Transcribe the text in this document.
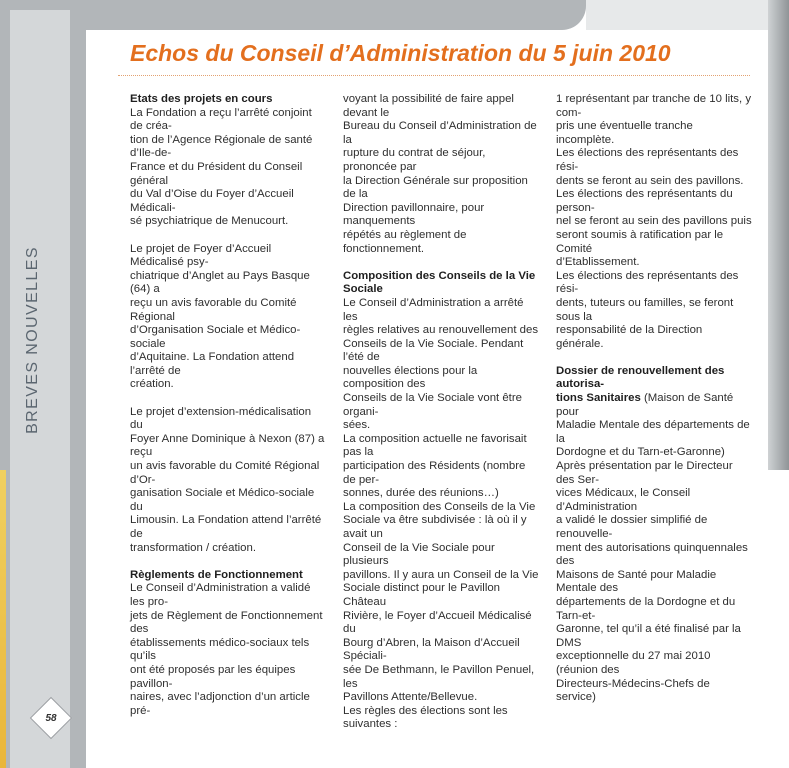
BREVES NOUVELLES
58
Echos du Conseil d’Administration du 5 juin 2010

Etats des projets en cours

La Fondation a reçu l’arrêté conjoint de créa-

tion de l’Agence Régionale de santé d’Ile-de-

France et du Président du Conseil général

du Val d’Oise du Foyer d’Accueil Médicali-

sé psychiatrique de Menucourt.

Le projet de Foyer d’Accueil Médicalisé psy-

chiatrique d’Anglet au Pays Basque (64) a

reçu un avis favorable du Comité Régional

d’Organisation Sociale et Médico-sociale

d’Aquitaine. La Fondation attend l’arrêté de

création.

Le projet d’extension-médicalisation du

Foyer Anne Dominique à Nexon (87) a reçu

un avis favorable du Comité Régional d’Or-

ganisation Sociale et Médico-sociale du

Limousin. La Fondation attend l’arrêté de

transformation / création.

Règlements de Fonctionnement

Le Conseil d’Administration a validé les pro-

jets de Règlement de Fonctionnement des

établissements médico-sociaux tels qu’ils

ont été proposés par les équipes pavillon-

naires, avec l’adjonction d’un article pré-

voyant la possibilité de faire appel devant le

Bureau du Conseil d’Administration de la

rupture du contrat de séjour, prononcée par

la Direction Générale sur proposition de la

Direction pavillonnaire, pour manquements

répétés au règlement de fonctionnement.

Composition des Conseils de la Vie Sociale

Le Conseil d’Administration a arrêté les

règles relatives au renouvellement des

Conseils de la Vie Sociale. Pendant l’été de

nouvelles élections pour la composition des

Conseils de la Vie Sociale vont être organi-

sées.

La composition actuelle ne favorisait pas la

participation des Résidents (nombre de per-

sonnes, durée des réunions…)

La composition des Conseils de la Vie

Sociale va être subdivisée : là où il y avait un

Conseil de la Vie Sociale pour plusieurs

pavillons. Il y aura un Conseil de la Vie

Sociale distinct pour le Pavillon Château

Rivière, le Foyer d’Accueil Médicalisé du

Bourg d’Abren, la Maison d’Accueil Spéciali-

sée De Bethmann, le Pavillon Penuel, les

Pavillons Attente/Bellevue.

Les règles des élections sont les suivantes :

1 représentant par tranche de 10 lits, y com-

pris une éventuelle tranche incomplète.

Les élections des représentants des rési-

dents se feront au sein des pavillons.

Les élections des représentants du person-

nel se feront au sein des pavillons puis

seront soumis à ratification par le Comité

d’Etablissement.

Les élections des représentants des rési-

dents, tuteurs ou familles, se feront sous la

responsabilité de la Direction générale.

Dossier de renouvellement des autorisa-

tions Sanitaires (Maison de Santé pour

Maladie Mentale des départements de la

Dordogne et du Tarn-et-Garonne)

Après présentation par le Directeur des Ser-

vices Médicaux, le Conseil d’Administration

a validé le dossier simplifié de renouvelle-

ment des autorisations quinquennales des

Maisons de Santé pour Maladie Mentale des

départements de la Dordogne et du Tarn-et-

Garonne, tel qu’il a été finalisé par la DMS

exceptionnelle du 27 mai 2010 (réunion des

Directeurs-Médecins-Chefs de service)
